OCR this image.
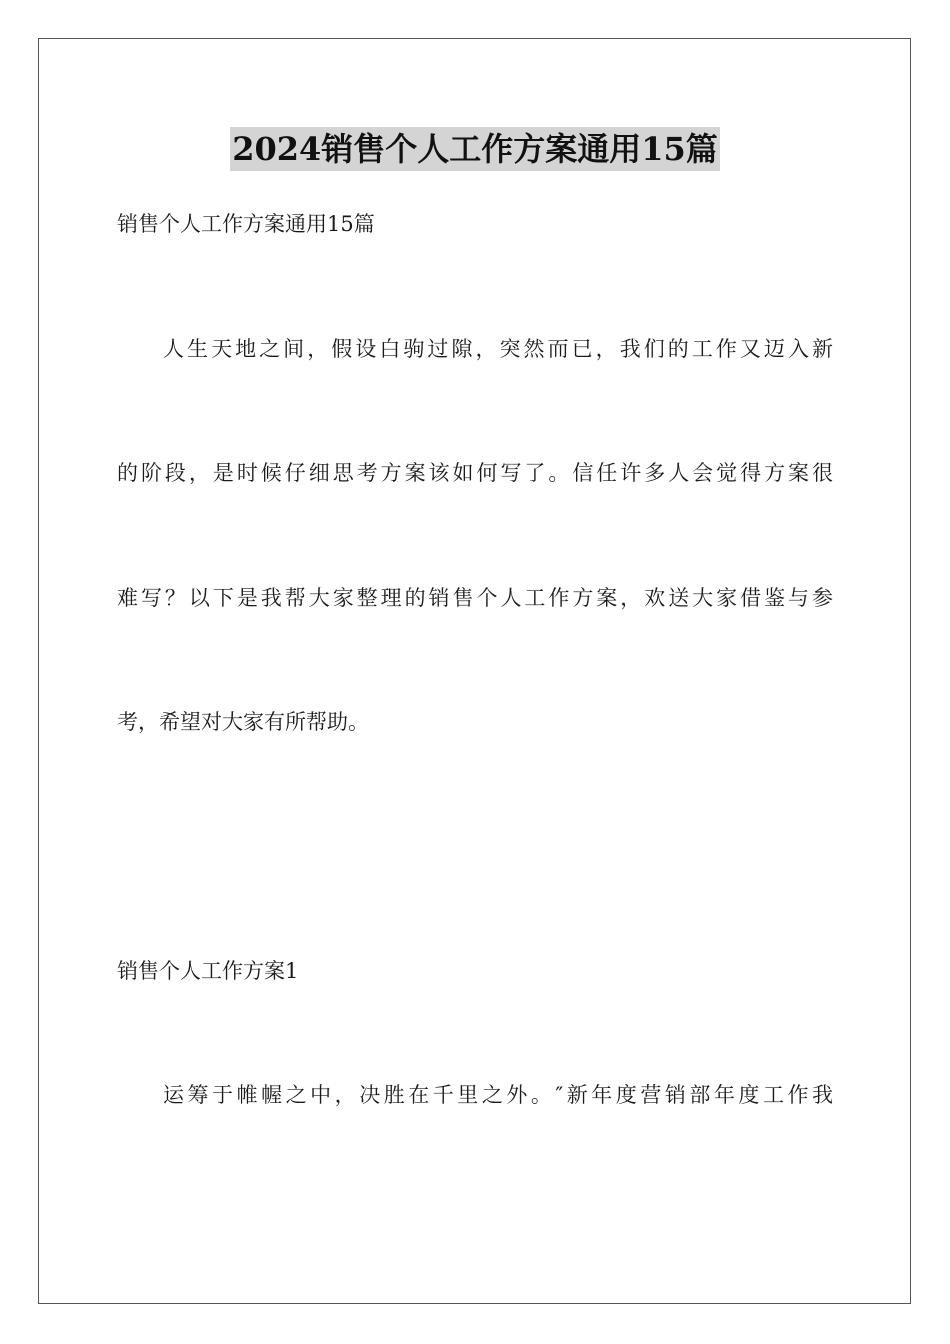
2024销售个人工作方案通用15篇
销售个人工作方案通用15篇
人生天地之间，假设白驹过隙，突然而已，我们的工作又迈入新
的阶段，是时候仔细思考方案该如何写了。信任许多人会觉得方案很
难写？以下是我帮大家整理的销售个人工作方案，欢送大家借鉴与参
考，希望对大家有所帮助。
销售个人工作方案1
运筹于帷幄之中，决胜在千里之外。″新年度营销部年度工作我
